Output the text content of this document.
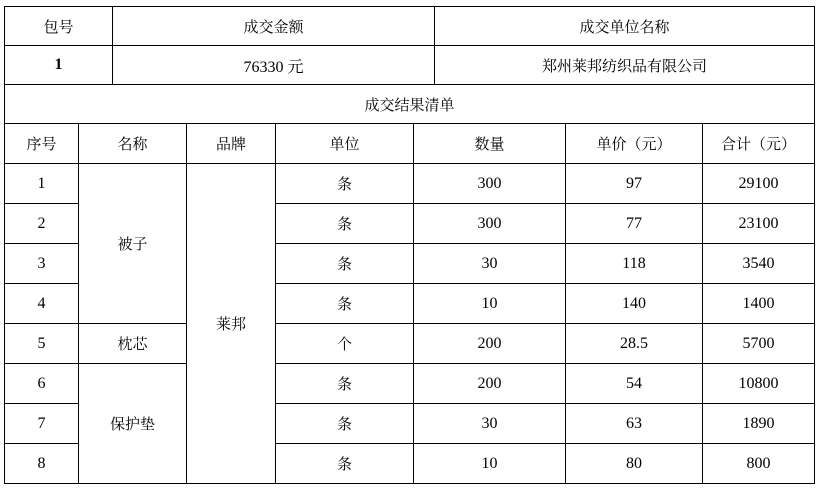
包号	成交金额	成交单位名称
1	76330 元	郑州莱邦纺织品有限公司
成交结果清单						
序号	名称	品牌	单位	数量	单价（元）	合计（元）
1	被子	莱邦	条	300	97	29100
2			条	300	77	23100
3			条	30	118	3540
4			条	10	140	1400
5	枕芯		个	200	28.5	5700
6	保护垫		条	200	54	10800
7			条	30	63	1890
8			条	10	80	800
